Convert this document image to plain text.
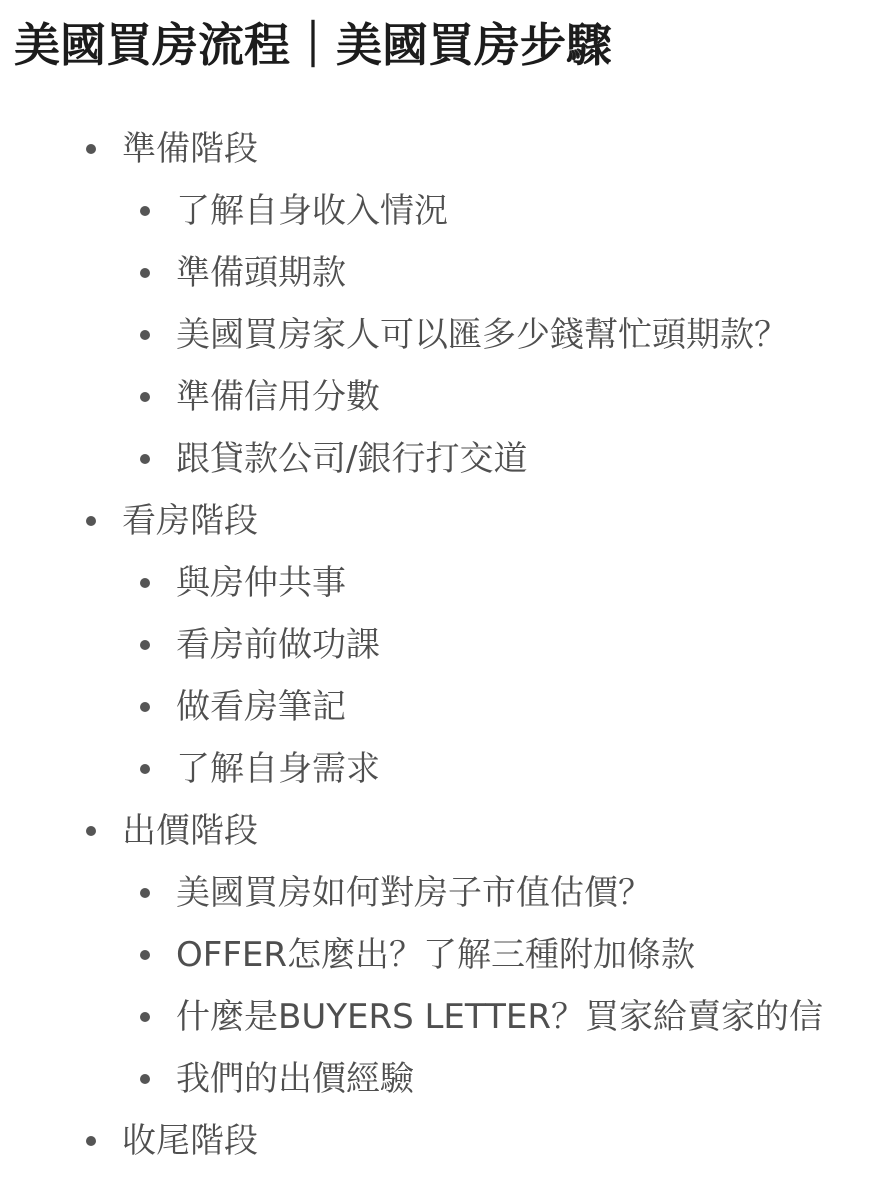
美國買房流程｜美國買房步驟
準備階段
了解自身收入情況
準備頭期款
美國買房家人可以匯多少錢幫忙頭期款？
準備信用分數
跟貸款公司/銀行打交道
看房階段
與房仲共事
看房前做功課
做看房筆記
了解自身需求
出價階段
美國買房如何對房子市值估價？
OFFER怎麼出？了解三種附加條款
什麼是BUYERS LETTER？買家給賣家的信
我們的出價經驗
收尾階段
